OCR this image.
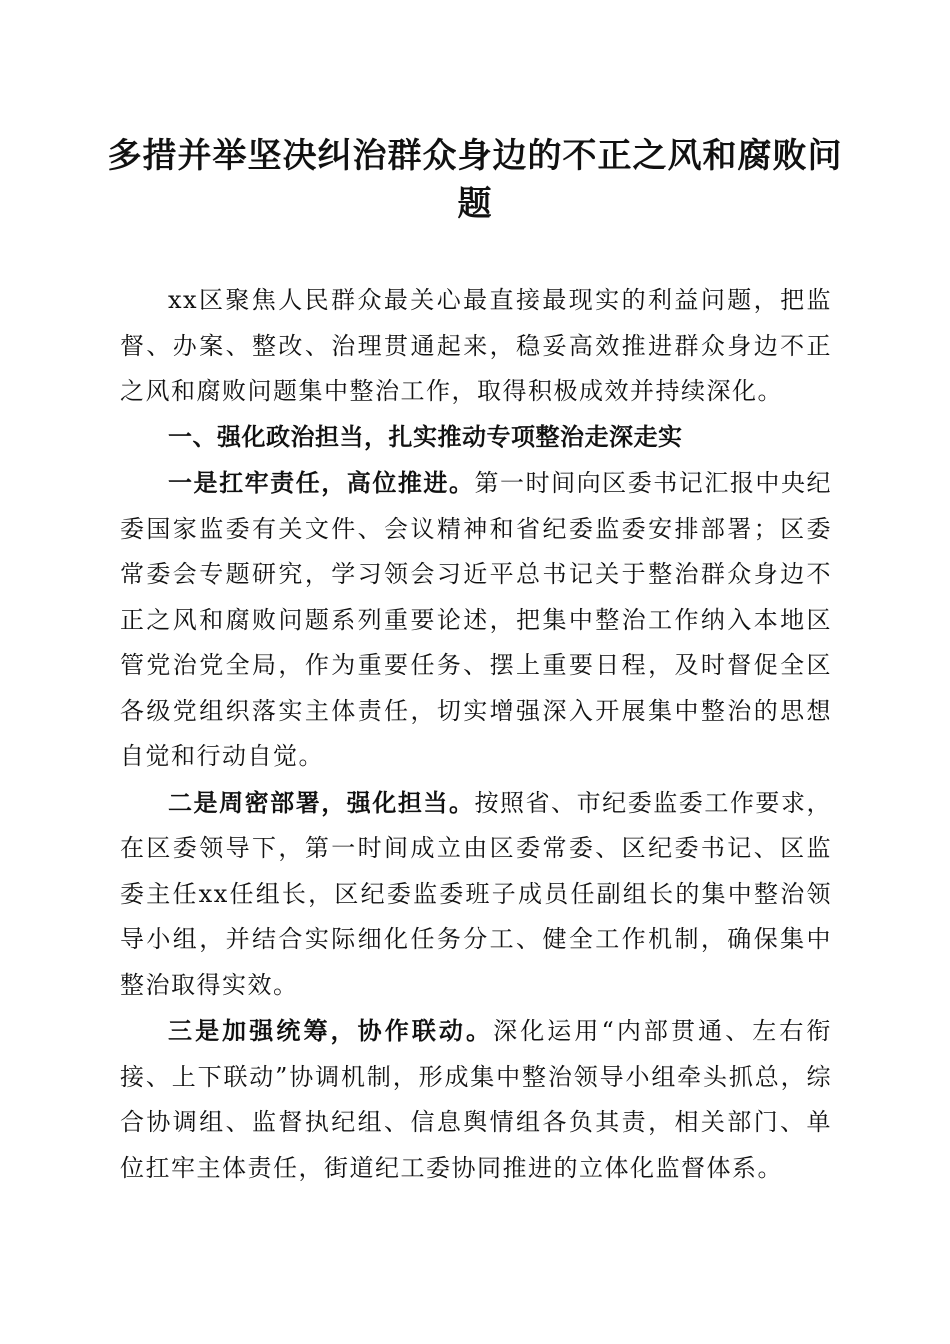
多措并举坚决纠治群众身边的不正之风和腐败问题

xx区聚焦人民群众最关心最直接最现实的利益问题，把监督、办案、整改、治理贯通起来，稳妥高效推进群众身边不正之风和腐败问题集中整治工作，取得积极成效并持续深化。

一、强化政治担当，扎实推动专项整治走深走实

一是扛牢责任，高位推进。第一时间向区委书记汇报中央纪委国家监委有关文件、会议精神和省纪委监委安排部署；区委常委会专题研究，学习领会习近平总书记关于整治群众身边不正之风和腐败问题系列重要论述，把集中整治工作纳入本地区管党治党全局，作为重要任务、摆上重要日程，及时督促全区各级党组织落实主体责任，切实增强深入开展集中整治的思想自觉和行动自觉。

二是周密部署，强化担当。按照省、市纪委监委工作要求，在区委领导下，第一时间成立由区委常委、区纪委书记、区监委主任xx任组长，区纪委监委班子成员任副组长的集中整治领导小组，并结合实际细化任务分工、健全工作机制，确保集中整治取得实效。

三是加强统筹，协作联动。深化运用“内部贯通、左右衔接、上下联动”协调机制，形成集中整治领导小组牵头抓总，综合协调组、监督执纪组、信息舆情组各负其责，相关部门、单位扛牢主体责任，街道纪工委协同推进的立体化监督体系。
